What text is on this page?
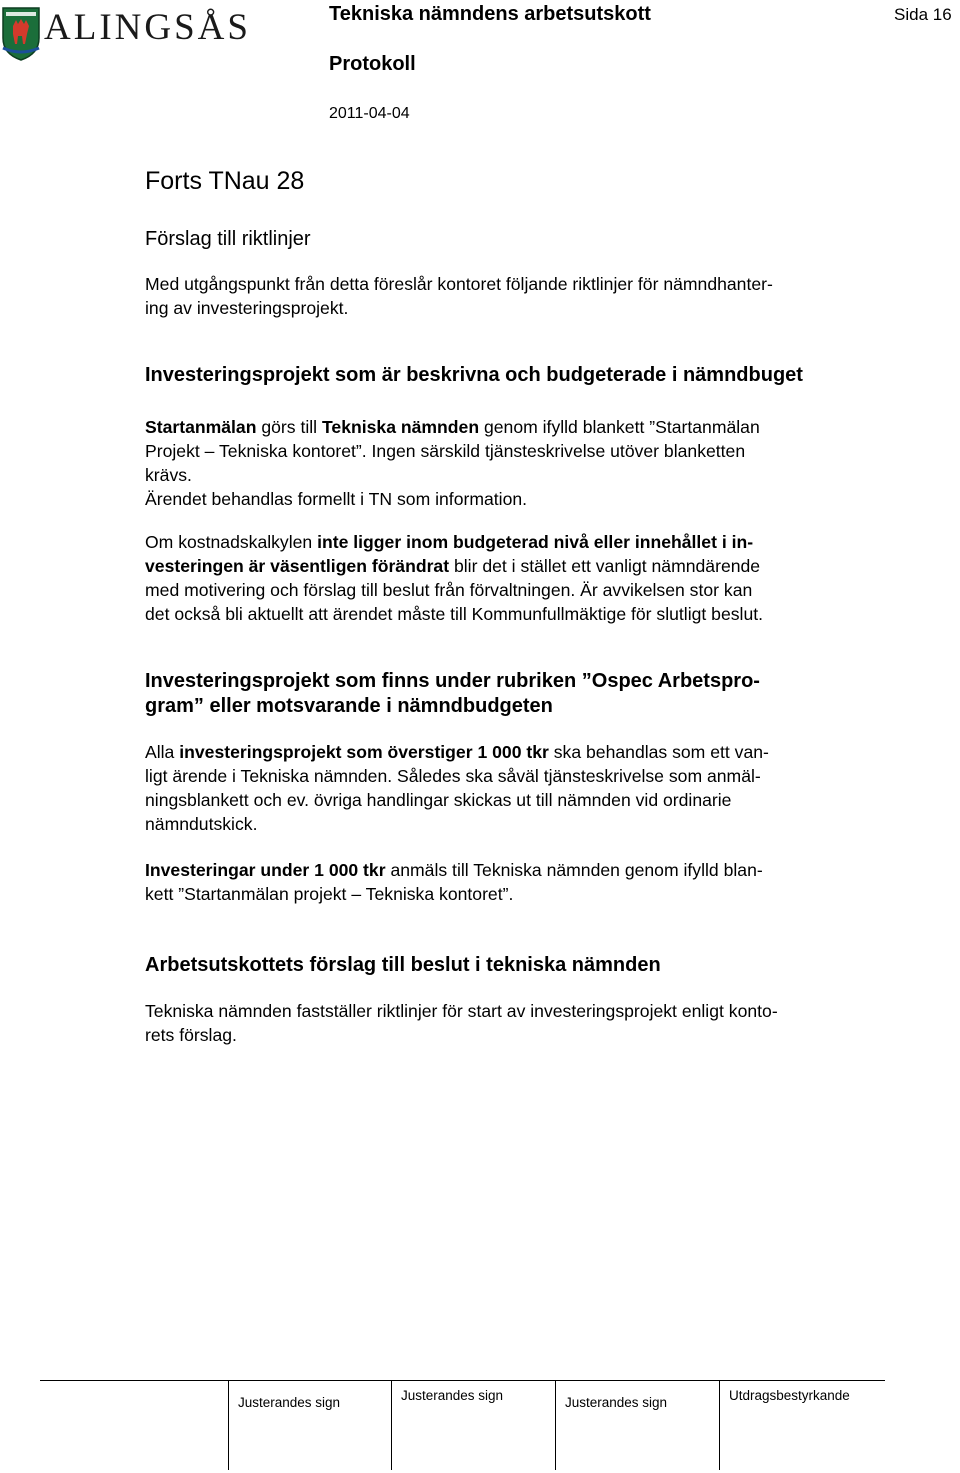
ALINGSÅS	Tekniska nämndens arbetsutskott	Sida 16
Protokoll
2011-04-04
Forts TNau 28
Förslag till riktlinjer
Med utgångspunkt från detta föreslår kontoret följande riktlinjer för nämndhanter-
ing av investeringsprojekt.
Investeringsprojekt som är beskrivna och budgeterade i nämndbuget
Startanmälan görs till Tekniska nämnden genom ifylld blankett ”Startanmälan
Projekt – Tekniska kontoret”. Ingen särskild tjänsteskrivelse utöver blanketten
krävs.
Ärendet behandlas formellt i TN som information.
Om kostnadskalkylen inte ligger inom budgeterad nivå eller innehållet i in-
vesteringen är väsentligen förändrat blir det i stället ett vanligt nämndärende
med motivering och förslag till beslut från förvaltningen. Är avvikelsen stor kan
det också bli aktuellt att ärendet måste till Kommunfullmäktige för slutligt beslut.
Investeringsprojekt som finns under rubriken ”Ospec Arbetspro-
gram” eller motsvarande i nämndbudgeten
Alla investeringsprojekt som överstiger 1 000 tkr ska behandlas som ett van-
ligt ärende i Tekniska nämnden. Således ska såväl tjänsteskrivelse som anmäl-
ningsblankett och ev. övriga handlingar skickas ut till nämnden vid ordinarie
nämndutskick.
Investeringar under 1 000 tkr anmäls till Tekniska nämnden genom ifylld blan-
kett ”Startanmälan projekt – Tekniska kontoret”.
Arbetsutskottets förslag till beslut i tekniska nämnden
Tekniska nämnden fastställer riktlinjer för start av investeringsprojekt enligt konto-
rets förslag.
Justerandes sign	Justerandes sign	Justerandes sign	Utdragsbestyrkande
